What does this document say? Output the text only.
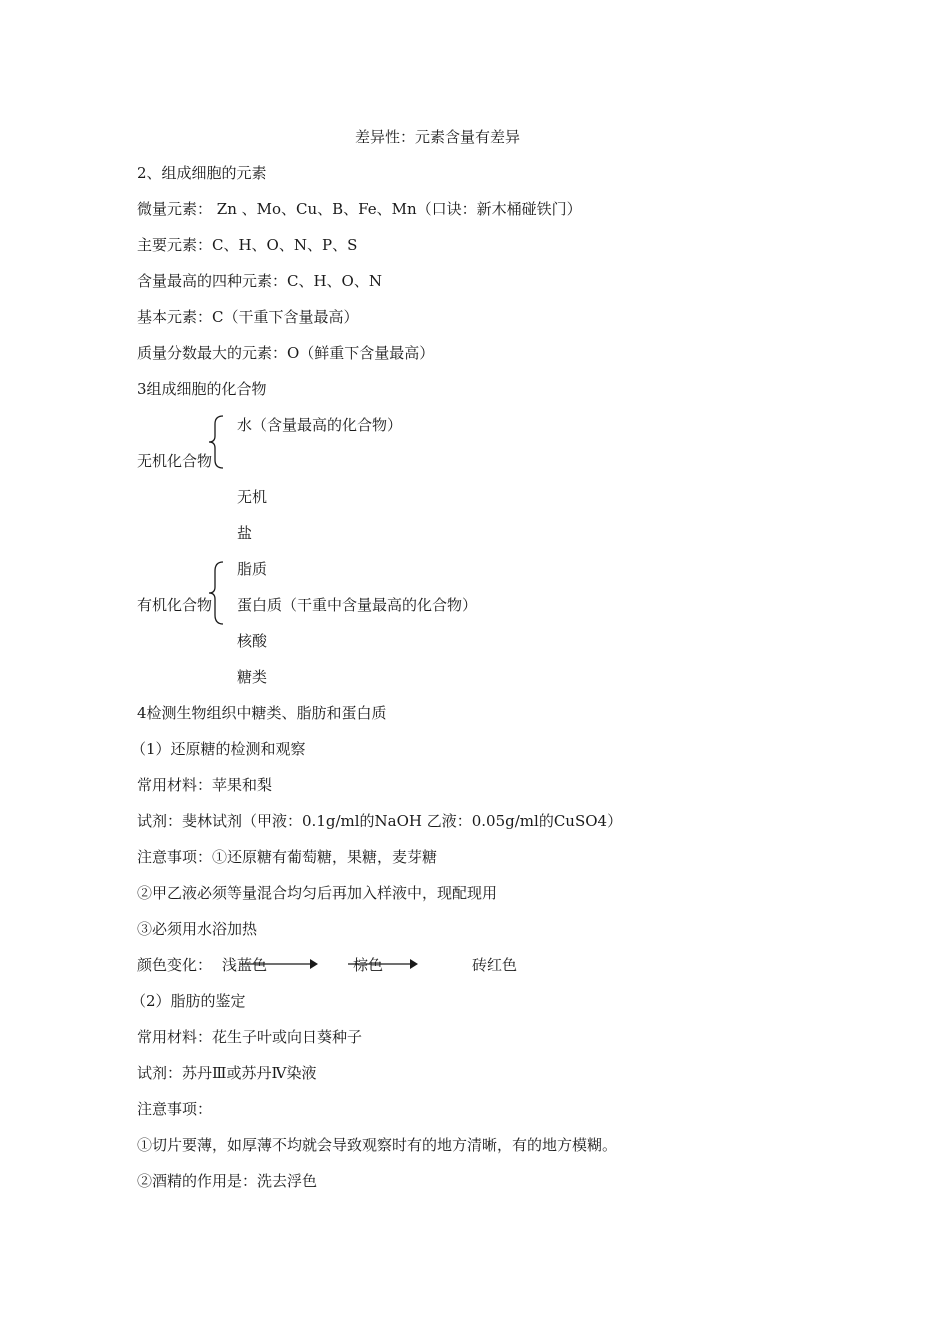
差异性：元素含量有差异
2、组成细胞的元素
微量元素： Zn 、Mo、Cu、B、Fe、Mn（口诀：新木桶碰铁门）
主要元素：C、H、O、N、P、S
含量最高的四种元素：C、H、O、N
基本元素：C（干重下含量最高）
质量分数最大的元素：O（鲜重下含量最高）
3组成细胞的化合物
水（含量最高的化合物）
无机化合物
无机
盐
脂质
有机化合物 蛋白质（干重中含量最高的化合物）
核酸
糖类
4检测生物组织中糖类、脂肪和蛋白质
（1）还原糖的检测和观察
常用材料：苹果和梨
试剂：斐林试剂（甲液：0.1g/ml的NaOH 乙液：0.05g/ml的CuSO4）
注意事项：①还原糖有葡萄糖，果糖，麦芽糖
②甲乙液必须等量混合均匀后再加入样液中，现配现用
③必须用水浴加热
颜色变化： 浅蓝色	棕色	砖红色
（2）脂肪的鉴定
常用材料：花生子叶或向日葵种子
试剂：苏丹Ⅲ或苏丹Ⅳ染液
注意事项：
①切片要薄，如厚薄不均就会导致观察时有的地方清晰，有的地方模糊。
②酒精的作用是：洗去浮色
